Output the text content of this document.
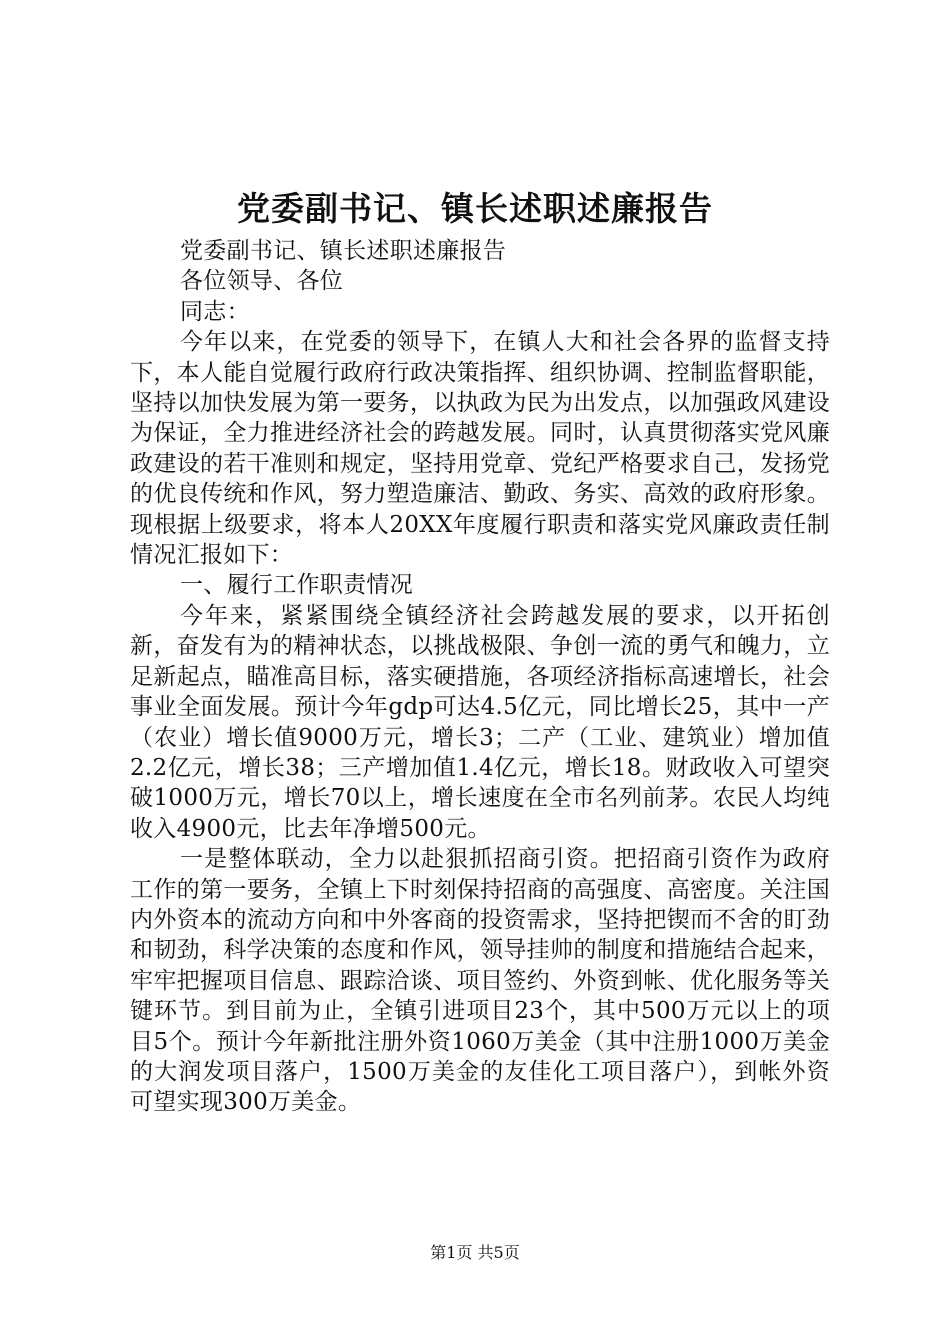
党委副书记、镇长述职述廉报告

党委副书记、镇长述职述廉报告

各位领导、各位

同志：

今年以来，在党委的领导下，在镇人大和社会各界的监督支持下，本人能自觉履行政府行政决策指挥、组织协调、控制监督职能，坚持以加快发展为第一要务，以执政为民为出发点，以加强政风建设为保证，全力推进经济社会的跨越发展。同时，认真贯彻落实党风廉政建设的若干准则和规定，坚持用党章、党纪严格要求自己，发扬党的优良传统和作风，努力塑造廉洁、勤政、务实、高效的政府形象。现根据上级要求，将本人20XX年度履行职责和落实党风廉政责任制情况汇报如下：

一、履行工作职责情况

今年来，紧紧围绕全镇经济社会跨越发展的要求，以开拓创新，奋发有为的精神状态，以挑战极限、争创一流的勇气和魄力，立足新起点，瞄准高目标，落实硬措施，各项经济指标高速增长，社会事业全面发展。预计今年gdp可达4.5亿元，同比增长25，其中一产（农业）增长值9000万元，增长3；二产（工业、建筑业）增加值2.2亿元，增长38；三产增加值1.4亿元，增长18。财政收入可望突破1000万元，增长70以上，增长速度在全市名列前茅。农民人均纯收入4900元，比去年净增500元。

一是整体联动，全力以赴狠抓招商引资。把招商引资作为政府工作的第一要务，全镇上下时刻保持招商的高强度、高密度。关注国内外资本的流动方向和中外客商的投资需求，坚持把锲而不舍的盯劲和韧劲，科学决策的态度和作风，领导挂帅的制度和措施结合起来，牢牢把握项目信息、跟踪洽谈、项目签约、外资到帐、优化服务等关键环节。到目前为止，全镇引进项目23个，其中500万元以上的项目5个。预计今年新批注册外资1060万美金（其中注册1000万美金的大润发项目落户，1500万美金的友佳化工项目落户），到帐外资可望实现300万美金。

第1页 共5页
